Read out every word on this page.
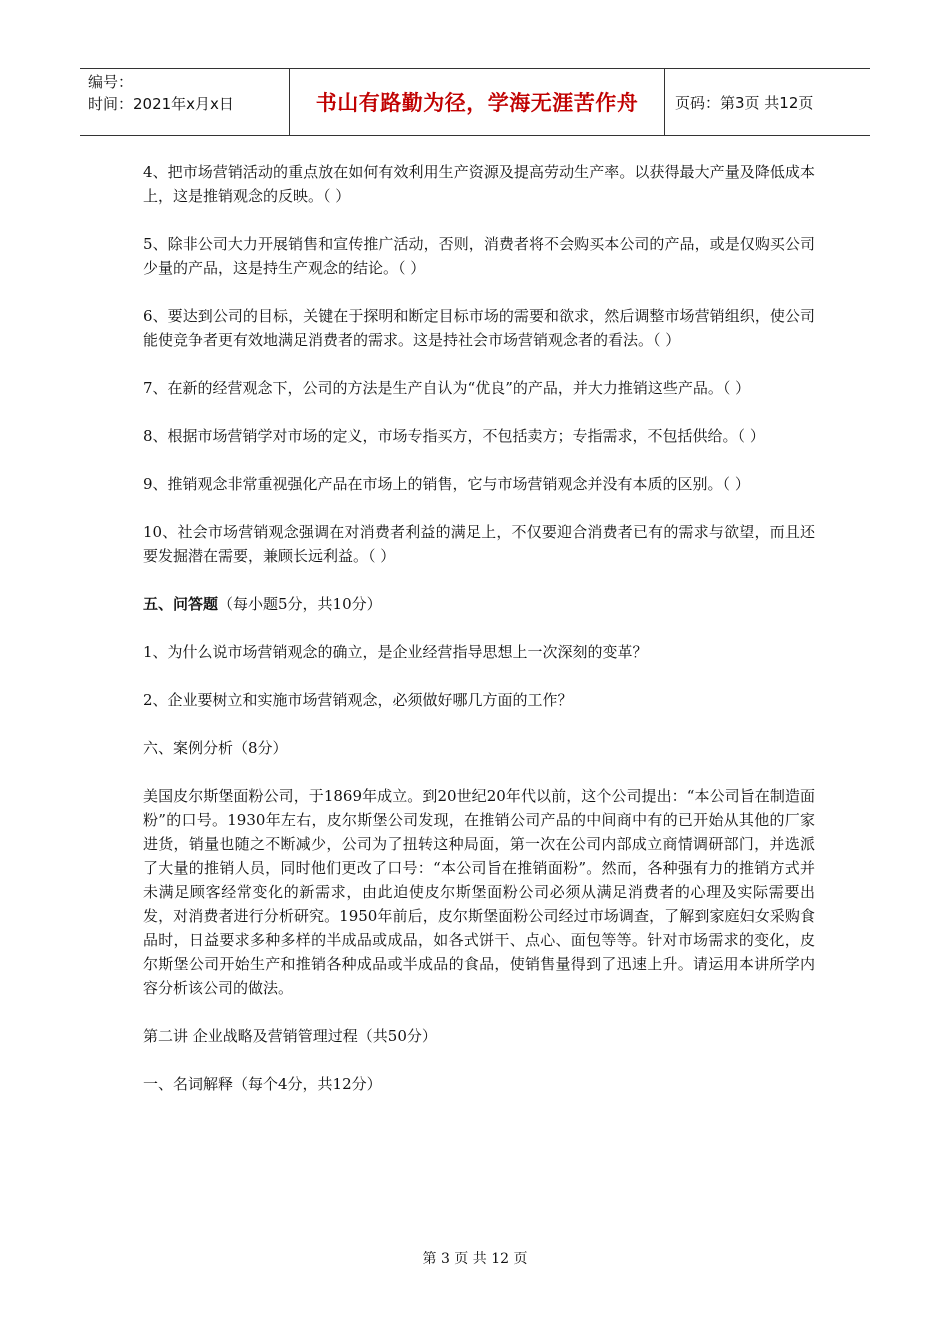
编号：
时间：2021年x月x日	书山有路勤为径，学海无涯苦作舟 页码：第3页 共12页

4、把市场营销活动的重点放在如何有效利用生产资源及提高劳动生产率。以获得最大产量及降低成本上，这是推销观念的反映。（ ）

5、除非公司大力开展销售和宣传推广活动，否则，消费者将不会购买本公司的产品，或是仅购买公司少量的产品，这是持生产观念的结论。（ ）

6、要达到公司的目标，关键在于探明和断定目标市场的需要和欲求，然后调整市场营销组织，使公司能使竞争者更有效地满足消费者的需求。这是持社会市场营销观念者的看法。（ ）

7、在新的经营观念下，公司的方法是生产自认为“优良”的产品，并大力推销这些产品。（ ）

8、根据市场营销学对市场的定义，市场专指买方，不包括卖方；专指需求，不包括供给。（ ）

9、推销观念非常重视强化产品在市场上的销售，它与市场营销观念并没有本质的区别。（ ）

10、社会市场营销观念强调在对消费者利益的满足上，不仅要迎合消费者已有的需求与欲望，而且还要发掘潜在需要，兼顾长远利益。（ ）

五、问答题（每小题5分，共10分）

1、为什么说市场营销观念的确立，是企业经营指导思想上一次深刻的变革？

2、企业要树立和实施市场营销观念，必须做好哪几方面的工作？

六、案例分析（8分）

美国皮尔斯堡面粉公司，于1869年成立。到20世纪20年代以前，这个公司提出：“本公司旨在制造面粉”的口号。1930年左右，皮尔斯堡公司发现，在推销公司产品的中间商中有的已开始从其他的厂家进货，销量也随之不断减少，公司为了扭转这种局面，第一次在公司内部成立商情调研部门，并选派了大量的推销人员，同时他们更改了口号：“本公司旨在推销面粉”。然而，各种强有力的推销方式并未满足顾客经常变化的新需求，由此迫使皮尔斯堡面粉公司必须从满足消费者的心理及实际需要出发，对消费者进行分析研究。1950年前后，皮尔斯堡面粉公司经过市场调查，了解到家庭妇女采购食品时，日益要求多种多样的半成品或成品，如各式饼干、点心、面包等等。针对市场需求的变化，皮尔斯堡公司开始生产和推销各种成品或半成品的食品，使销售量得到了迅速上升。请运用本讲所学内容分析该公司的做法。

第二讲 企业战略及营销管理过程（共50分）

一、名词解释（每个4分，共12分）

第 3 页 共 12 页
